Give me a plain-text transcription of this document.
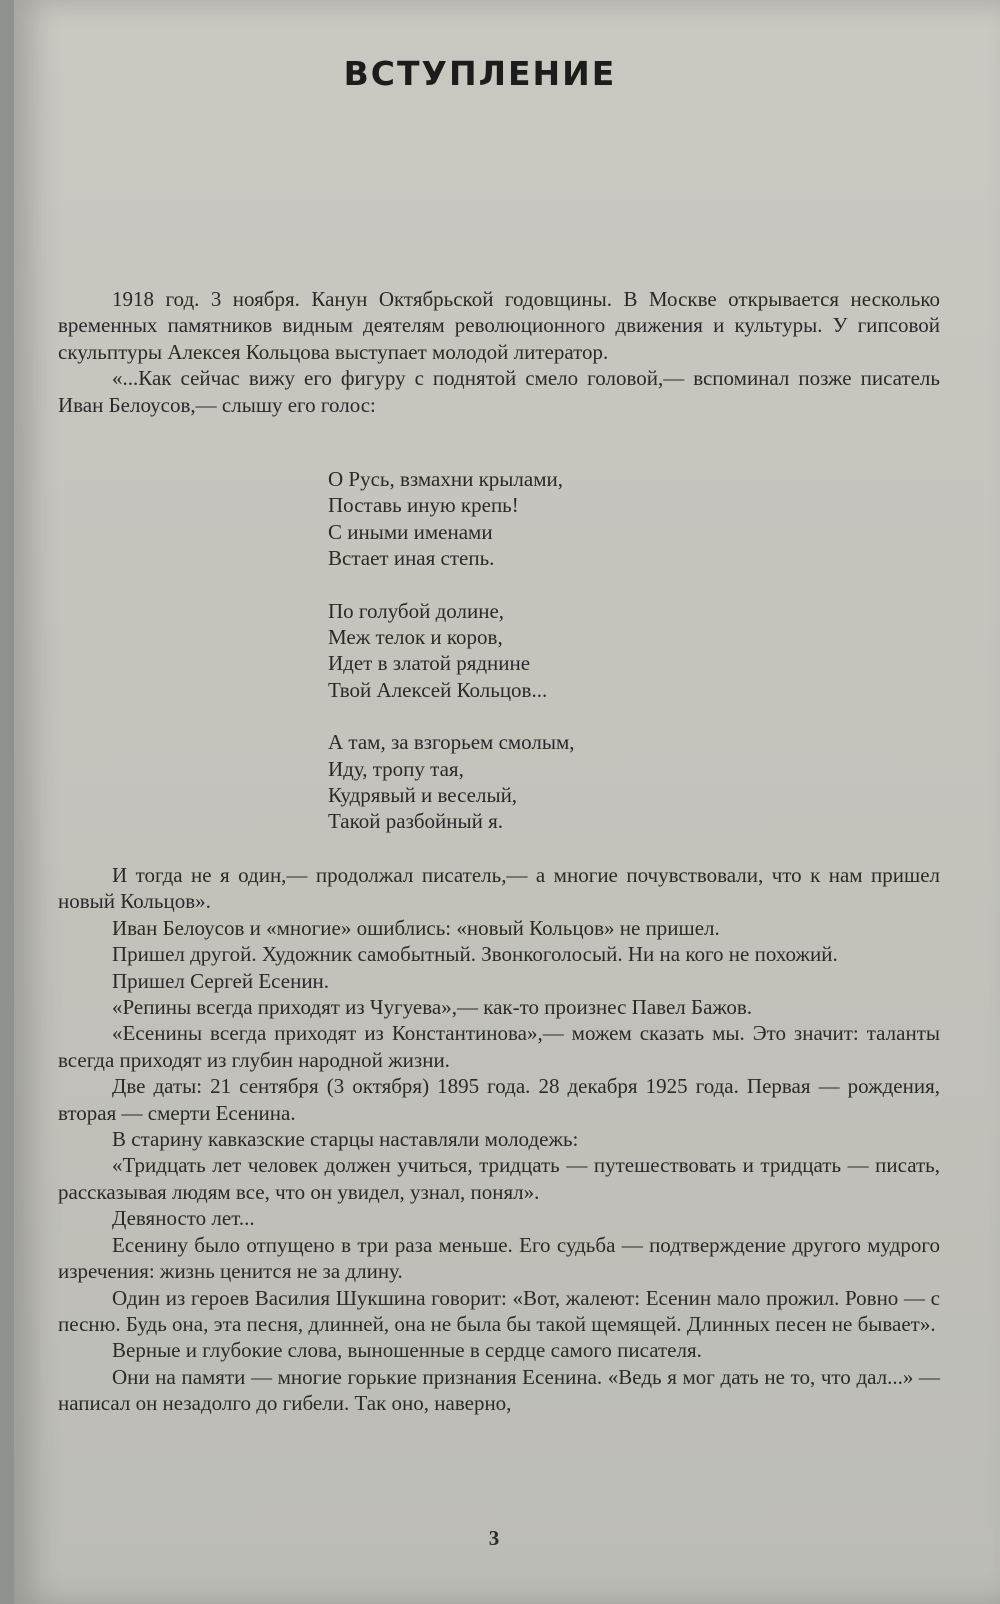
ВСТУПЛЕНИЕ

1918 год. 3 ноября. Канун Октябрьской годовщины. В Москве открывается несколько временных памятников видным деятелям революционного движения и культуры. У гипсовой скульптуры Алексея Кольцова выступает молодой литератор.

«...Как сейчас вижу его фигуру с поднятой смело головой,— вспоминал позже писатель Иван Белоусов,— слышу его голос:

О Русь, взмахни крылами,
Поставь иную крепь!
С иными именами
Встает иная степь.
По голубой долине,
Меж телок и коров,
Идет в златой ряднине
Твой Алексей Кольцов...
А там, за взгорьем смолым,
Иду, тропу тая,
Кудрявый и веселый,
Такой разбойный я.

И тогда не я один,— продолжал писатель,— а многие почувствовали, что к нам пришел новый Кольцов».

Иван Белоусов и «многие» ошиблись: «новый Кольцов» не пришел.

Пришел другой. Художник самобытный. Звонкоголосый. Ни на кого не похожий.

Пришел Сергей Есенин.

«Репины всегда приходят из Чугуева»,— как-то произнес Павел Бажов.

«Есенины всегда приходят из Константинова»,— можем сказать мы. Это значит: таланты всегда приходят из глубин народной жизни.

Две даты: 21 сентября (3 октября) 1895 года. 28 декабря 1925 года. Первая — рождения, вторая — смерти Есенина.

В старину кавказские старцы наставляли молодежь:

«Тридцать лет человек должен учиться, тридцать — путешествовать и тридцать — писать, рассказывая людям все, что он увидел, узнал, понял».

Девяносто лет...

Есенину было отпущено в три раза меньше. Его судьба — подтверждение другого мудрого изречения: жизнь ценится не за длину.

Один из героев Василия Шукшина говорит: «Вот, жалеют: Есенин мало прожил. Ровно — с песню. Будь она, эта песня, длинней, она не была бы такой щемящей. Длинных песен не бывает».

Верные и глубокие слова, выношенные в сердце самого писателя.

Они на памяти — многие горькие признания Есенина. «Ведь я мог дать не то, что дал...» — написал он незадолго до гибели. Так оно, наверно,

3
